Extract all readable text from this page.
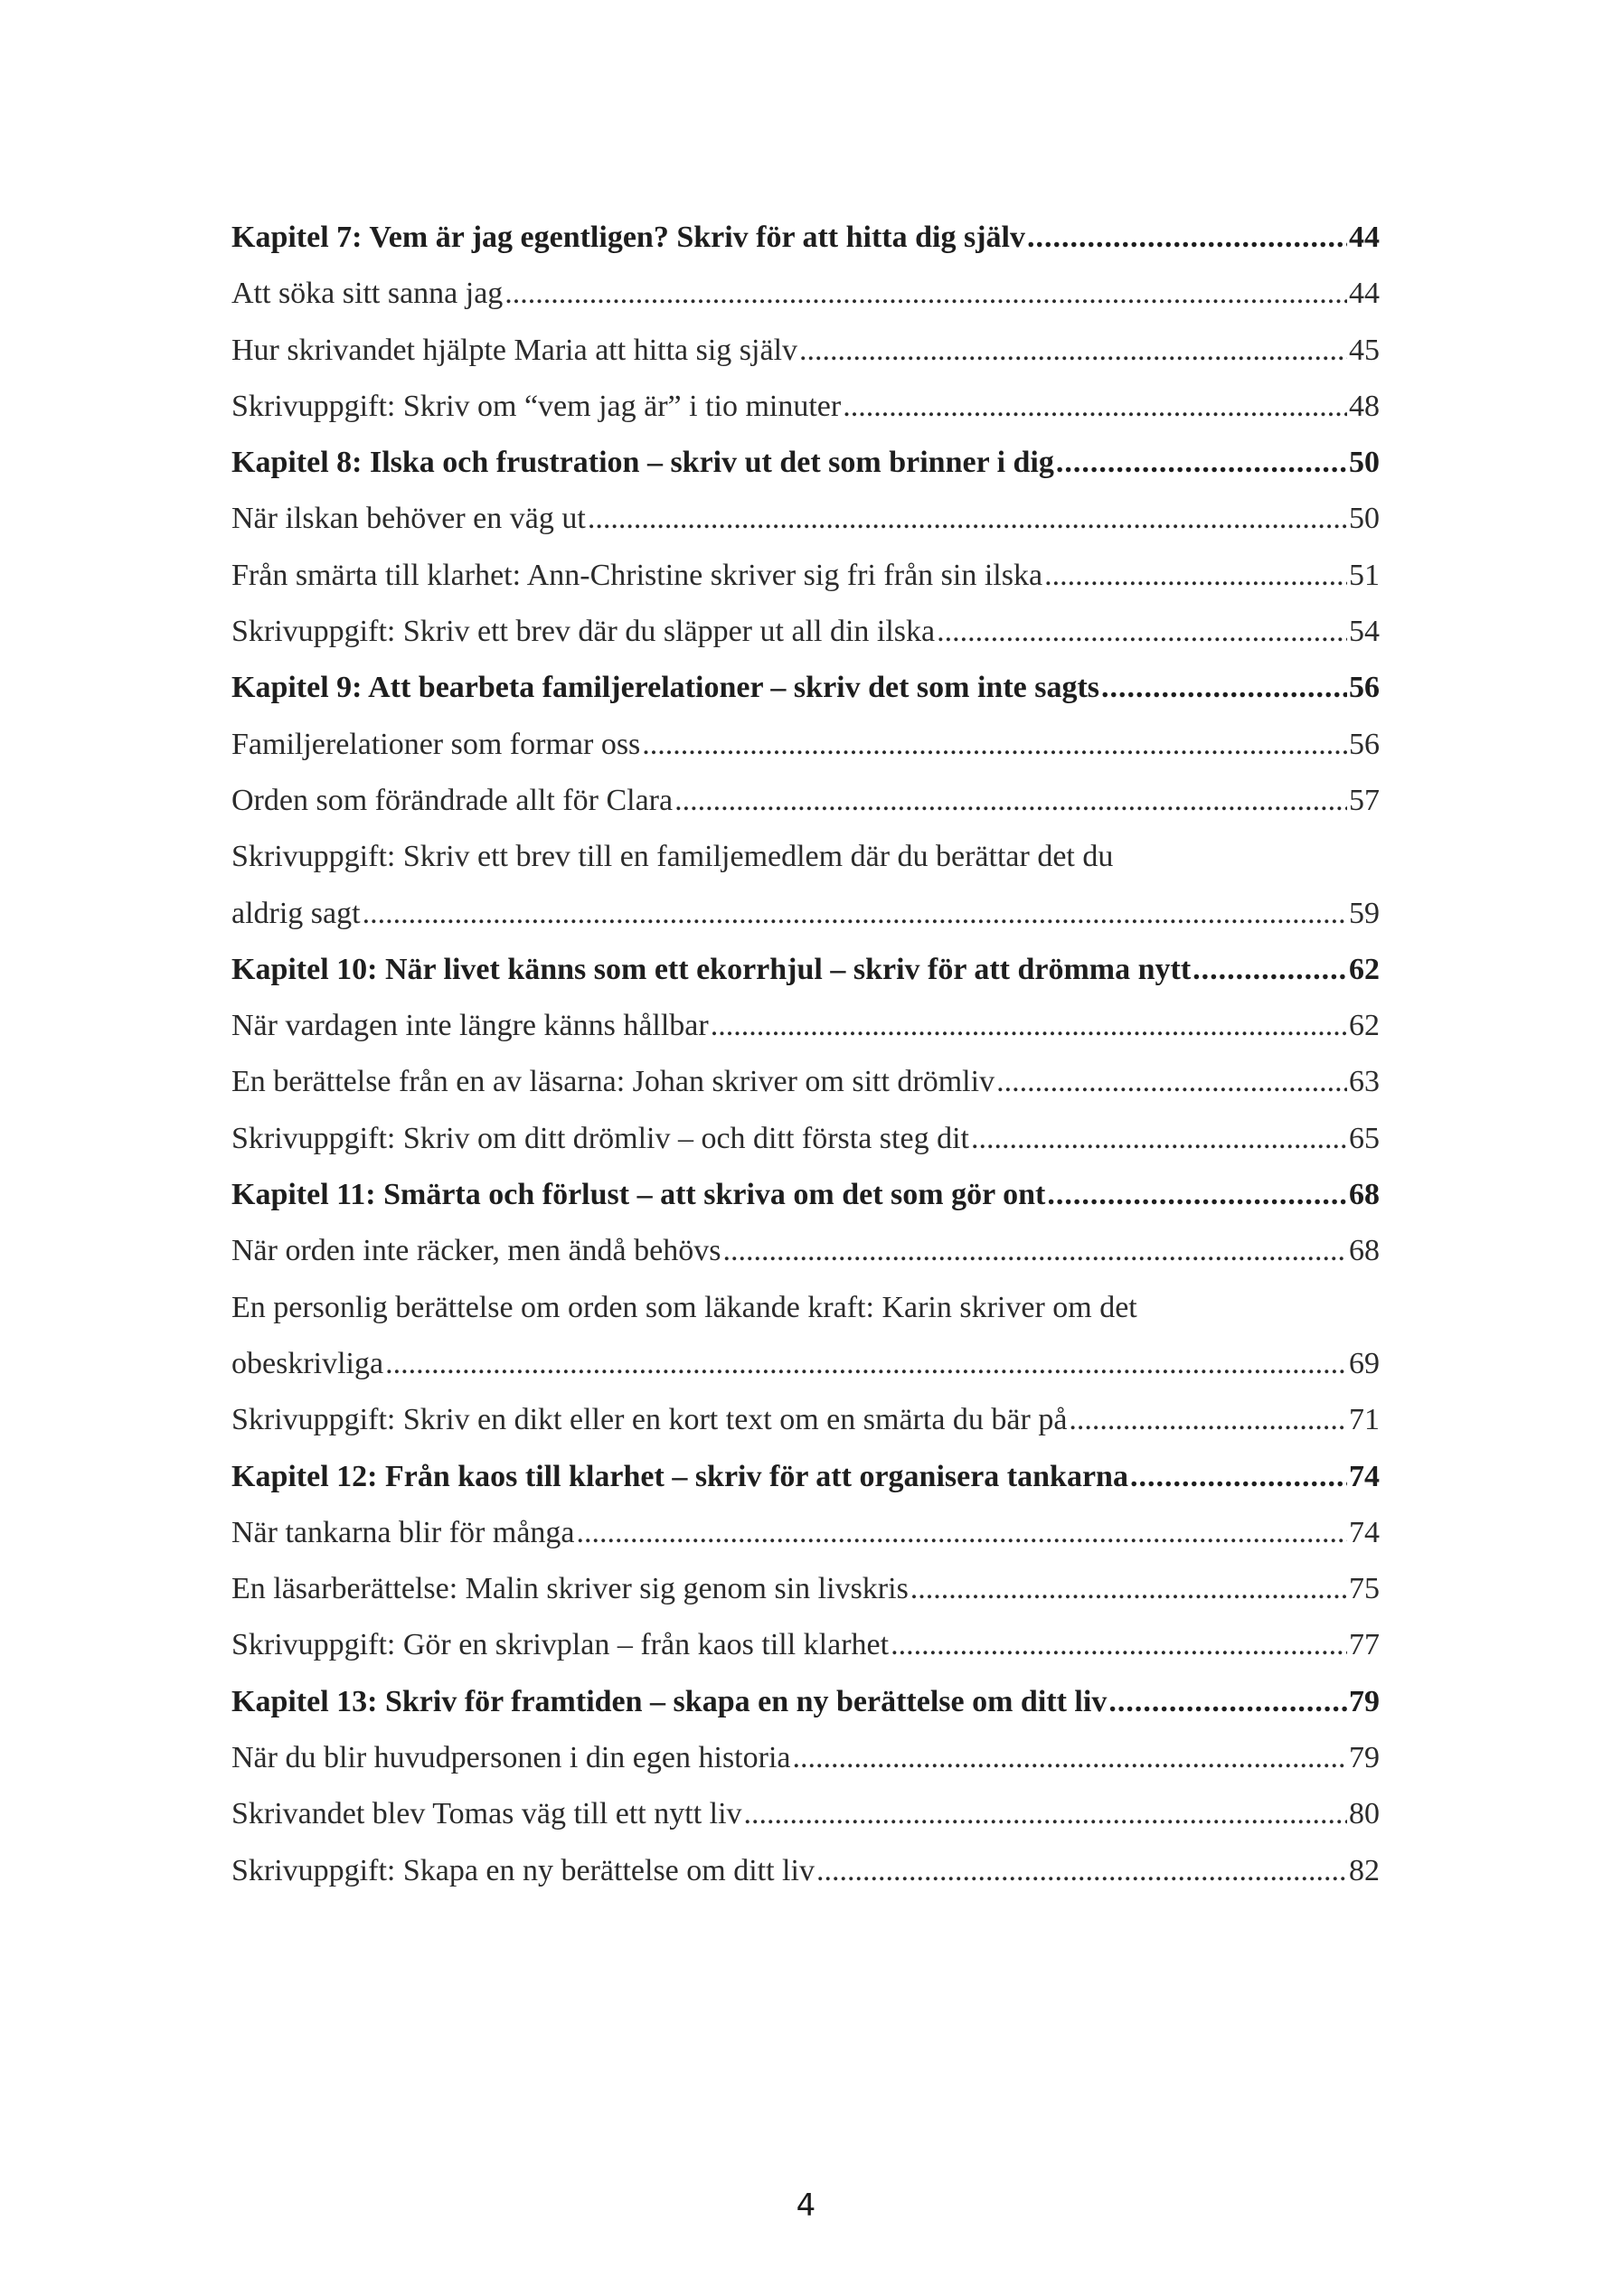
Kapitel 7: Vem är jag egentligen? Skriv för att hitta dig själv .....	44
Att söka sitt sanna jag .....	44
Hur skrivandet hjälpte Maria att hitta sig själv .....	45
Skrivuppgift: Skriv om “vem jag är” i tio minuter .....	48
Kapitel 8: Ilska och frustration – skriv ut det som brinner i dig .....	50
När ilskan behöver en väg ut .....	50
Från smärta till klarhet: Ann-Christine skriver sig fri från sin ilska .....	51
Skrivuppgift: Skriv ett brev där du släpper ut all din ilska .....	54
Kapitel 9: Att bearbeta familjerelationer – skriv det som inte sagts .....	56
Familjerelationer som formar oss .....	56
Orden som förändrade allt för Clara .....	57
Skrivuppgift: Skriv ett brev till en familjemedlem där du berättar det du
aldrig sagt .....	59
Kapitel 10: När livet känns som ett ekorrhjul – skriv för att drömma nytt .....	62
När vardagen inte längre känns hållbar .....	62
En berättelse från en av läsarna: Johan skriver om sitt drömliv .....	63
Skrivuppgift: Skriv om ditt drömliv – och ditt första steg dit .....	65
Kapitel 11: Smärta och förlust – att skriva om det som gör ont .....	68
När orden inte räcker, men ändå behövs .....	68
En personlig berättelse om orden som läkande kraft: Karin skriver om det
obeskrivliga .....	69
Skrivuppgift: Skriv en dikt eller en kort text om en smärta du bär på .....	71
Kapitel 12: Från kaos till klarhet – skriv för att organisera tankarna .....	74
När tankarna blir för många .....	74
En läsarberättelse: Malin skriver sig genom sin livskris .....	75
Skrivuppgift: Gör en skrivplan – från kaos till klarhet .....	77
Kapitel 13: Skriv för framtiden – skapa en ny berättelse om ditt liv .....	79
När du blir huvudpersonen i din egen historia .....	79
Skrivandet blev Tomas väg till ett nytt liv .....	80
Skrivuppgift: Skapa en ny berättelse om ditt liv .....	82
4
